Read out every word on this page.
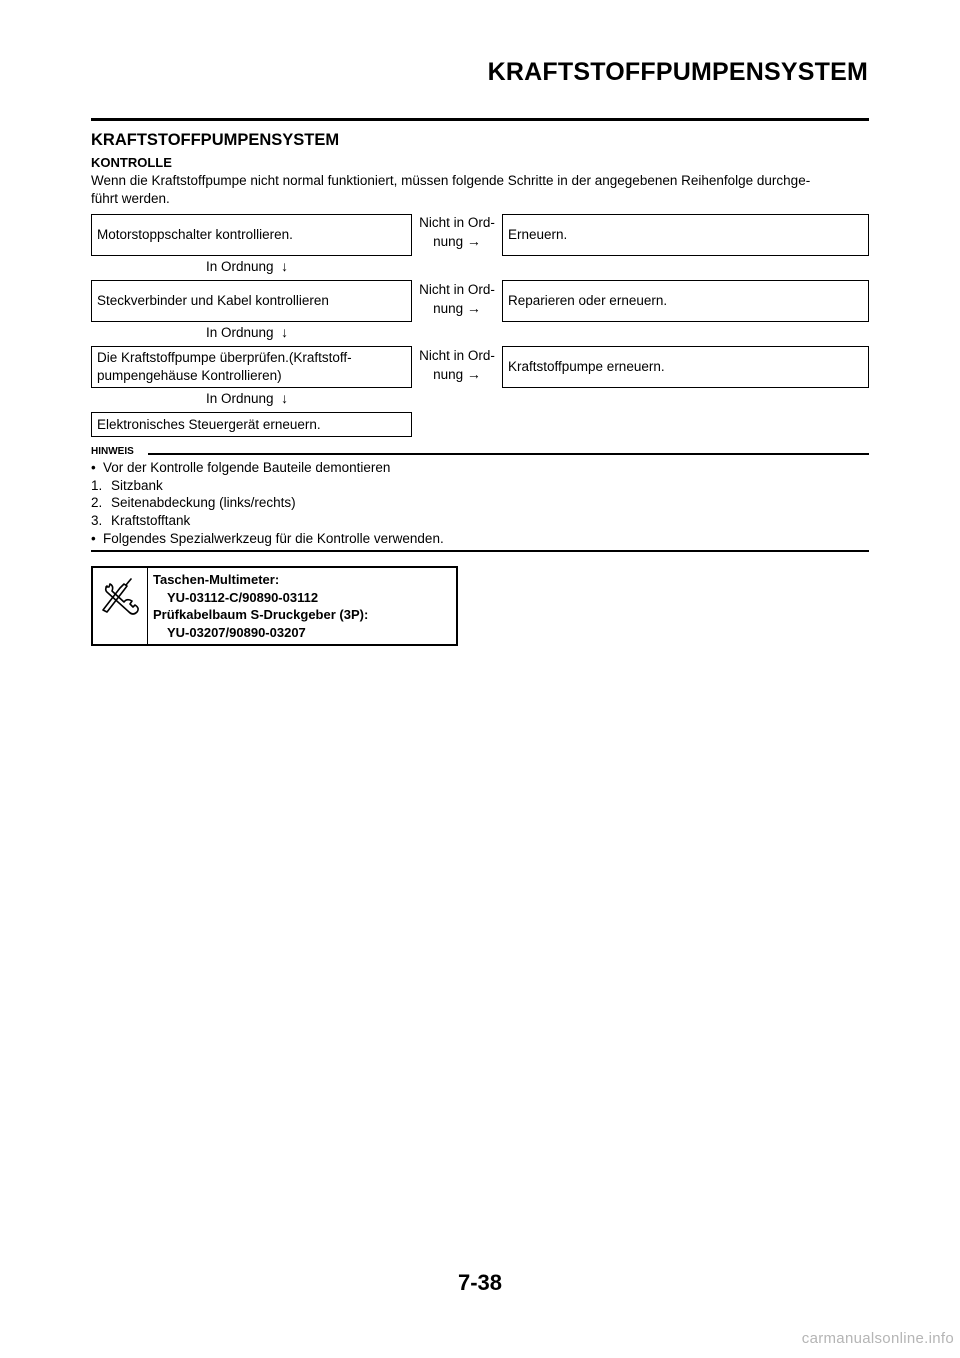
KRAFTSTOFFPUMPENSYSTEM
KRAFTSTOFFPUMPENSYSTEM
KONTROLLE
Wenn die Kraftstoffpumpe nicht normal funktioniert, müssen folgende Schritte in der angegebenen Reihenfolge durchge-
führt werden.
Motorstoppschalter kontrollieren.
Nicht in Ord-
nung →	Erneuern.
In Ordnung ↓
Steckverbinder und Kabel kontrollieren
Nicht in Ord-
nung →	Reparieren oder erneuern.
In Ordnung ↓
Die Kraftstoffpumpe überprüfen.(Kraftstoff-
pumpengehäuse Kontrollieren)
Nicht in Ord-
nung →	Kraftstoffpumpe erneuern.
In Ordnung ↓
Elektronisches Steuergerät erneuern.
HINWEIS
• Vor der Kontrolle folgende Bauteile demontieren
1. Sitzbank
2. Seitenabdeckung (links/rechts)
3. Kraftstofftank
• Folgendes Spezialwerkzeug für die Kontrolle verwenden.
Taschen-Multimeter:
YU-03112-C/90890-03112
Prüfkabelbaum S-Druckgeber (3P):
YU-03207/90890-03207
7-38
carmanualsonline.info
